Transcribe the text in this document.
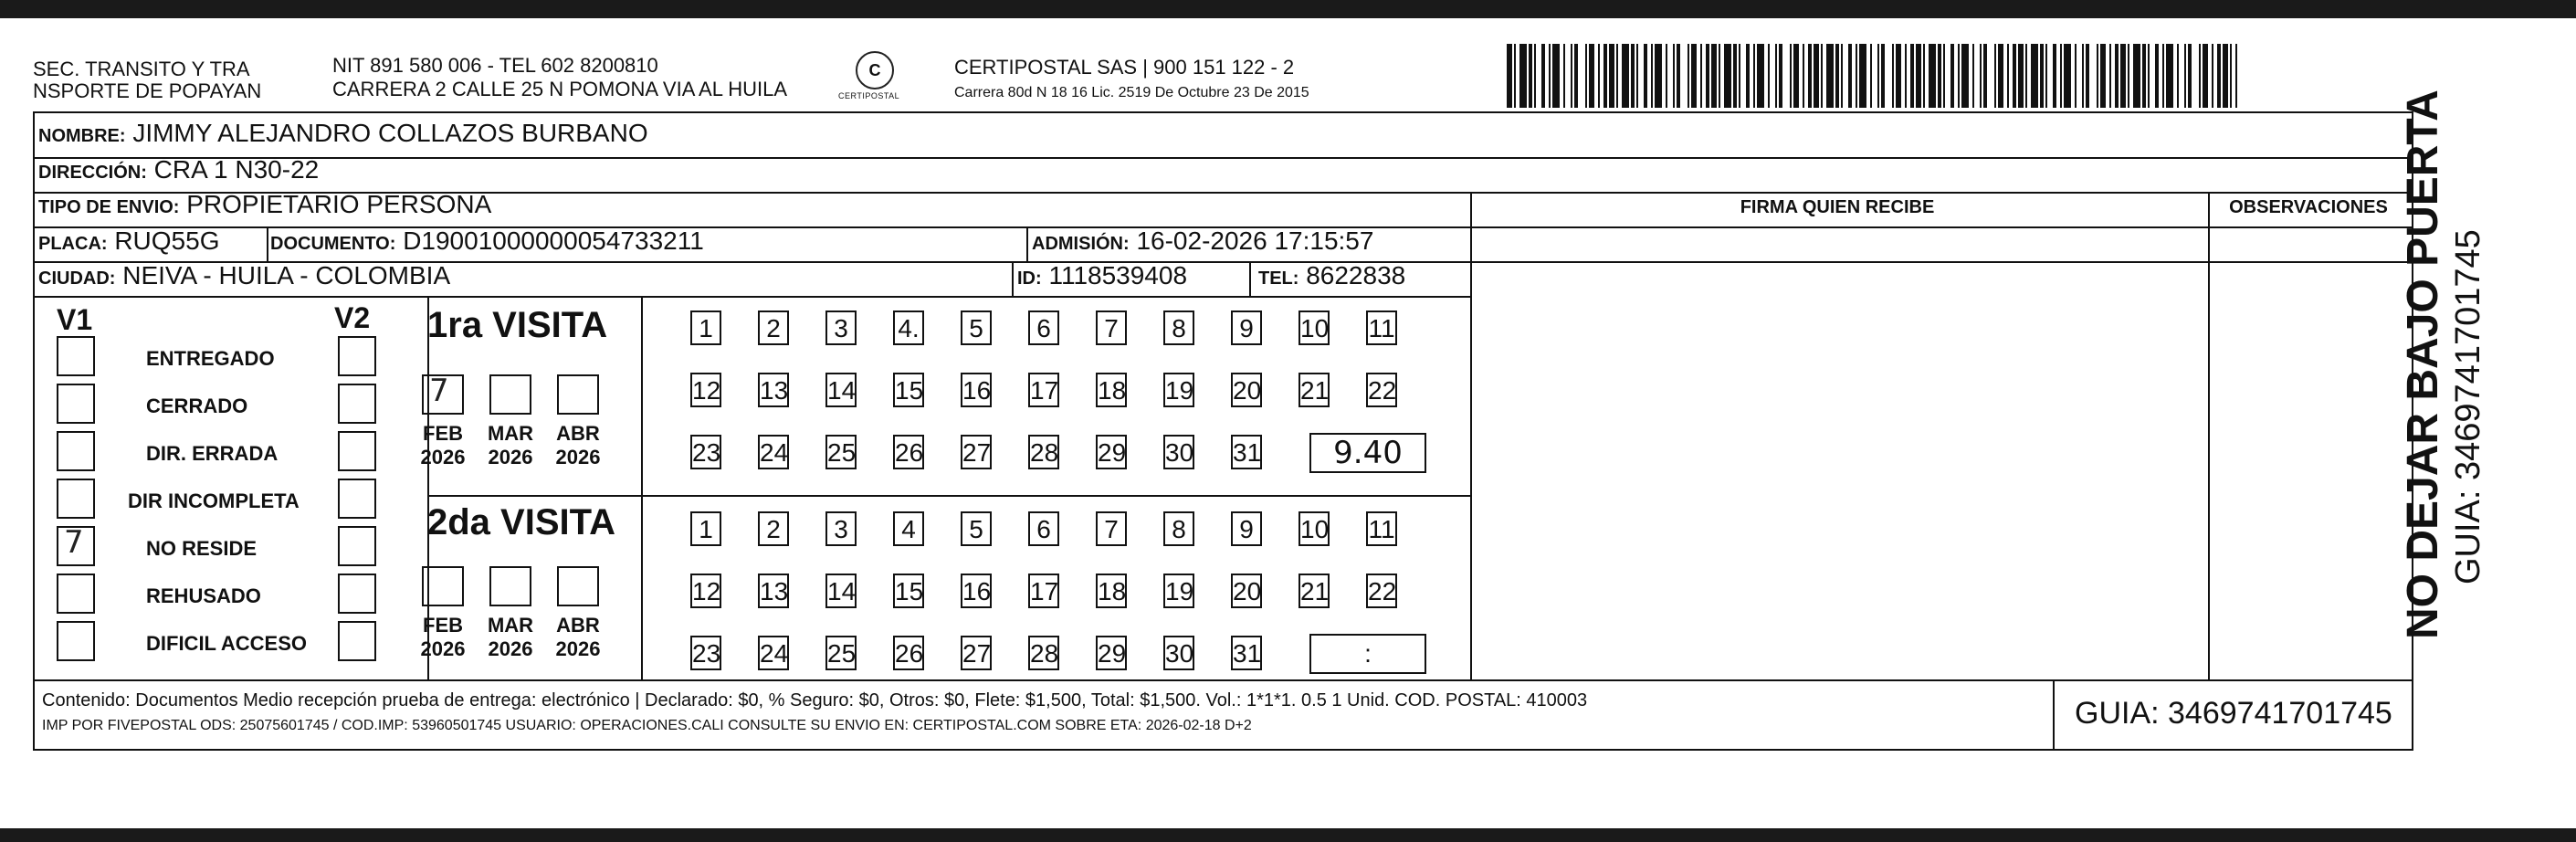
SEC. TRANSITO Y TRA
NSPORTE DE POPAYAN
NIT 891 580 006 - TEL 602 8200810
CARRERA 2 CALLE 25 N POMONA VIA AL HUILA
C
CERTIPOSTAL
CERTIPOSTAL SAS | 900 151 122 - 2
Carrera 80d N 18 16 Lic. 2519 De Octubre 23 De 2015
NOMBRE: JIMMY ALEJANDRO COLLAZOS BURBANO
DIRECCIÓN: CRA 1 N30-22
TIPO DE ENVIO: PROPIETARIO PERSONA	FIRMA QUIEN RECIBE	OBSERVACIONES
PLACA: RUQ55G	DOCUMENTO: D19001000000054733211	ADMISIÓN: 16-02-2026 17:15:57
CIUDAD: NEIVA - HUILA - COLOMBIA	ID: 1118539408	TEL: 8622838
V1	V2
ENTREGADO
CERRADO
DIR. ERRADA
DIR INCOMPLETA
NO RESIDE
7
REHUSADO
DIFICIL ACCESO
1ra VISITA
2da VISITA
7
FEB
2026
MAR
2026
ABR
2026
FEB
2026
MAR
2026
ABR
2026
1	2	3	4.	5	6	7	8	9	10 11
12 13 14 15 16 17 18 19 20 21 22
23 24 25 26 27 28 29 30 31	9.40
1	2	3	4	5	6	7	8	9	10 11
12 13 14 15 16 17 18 19 20 21 22
23 24 25 26 27 28 29 30 31	:
Contenido: Documentos Medio recepción prueba de entrega: electrónico | Declarado: $0, % Seguro: $0, Otros: $0, Flete: $1,500, Total: $1,500. Vol.: 1*1*1. 0.5 1 Unid. COD. POSTAL: 410003
IMP POR FIVEPOSTAL ODS: 25075601745 / COD.IMP: 53960501745 USUARIO: OPERACIONES.CALI CONSULTE SU ENVIO EN: CERTIPOSTAL.COM SOBRE ETA: 2026-02-18 D+2	GUIA: 3469741701745
NO DEJAR BAJO PUERTA GUIA: 3469741701745
